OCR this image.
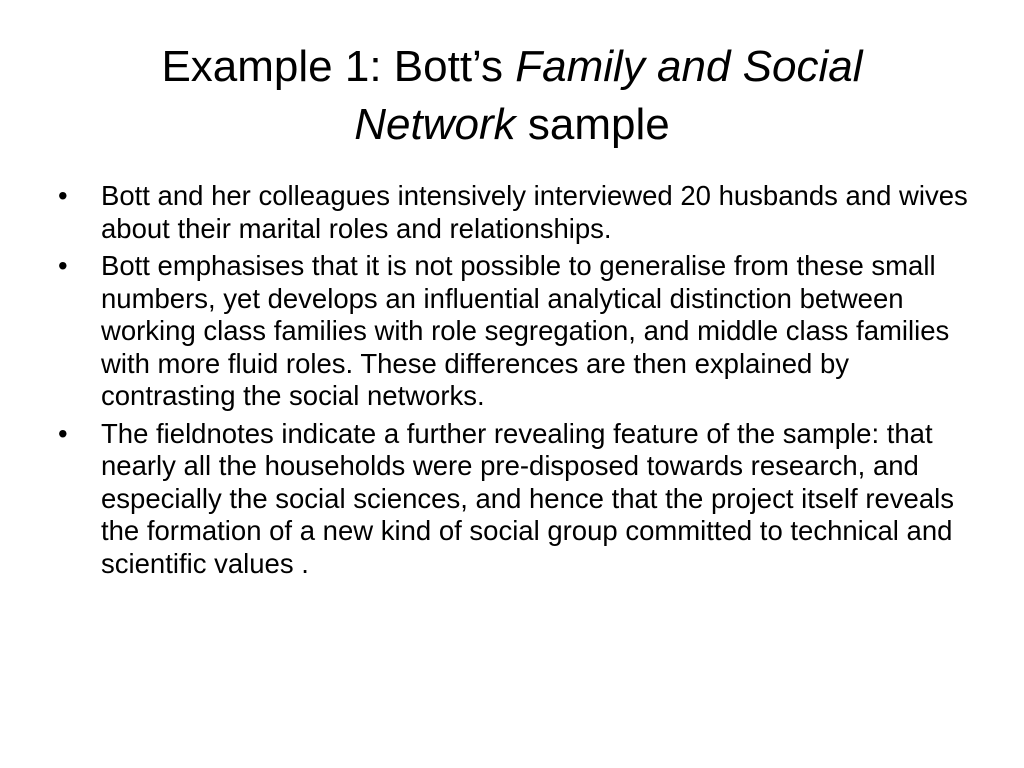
Example 1: Bott’s Family and Social
Network sample
•	Bott and her colleagues intensively interviewed 20 husbands and wives about their marital roles and relationships.
•	Bott emphasises that it is not possible to generalise from these small numbers, yet develops an influential analytical distinction between working class families with role segregation, and middle class families with more fluid roles. These differences are then explained by contrasting the social networks.
•	The fieldnotes indicate a further revealing feature of the sample: that nearly all the households were pre-disposed towards research, and especially the social sciences, and hence that the project itself reveals the formation of a new kind of social group committed to technical and scientific values .
